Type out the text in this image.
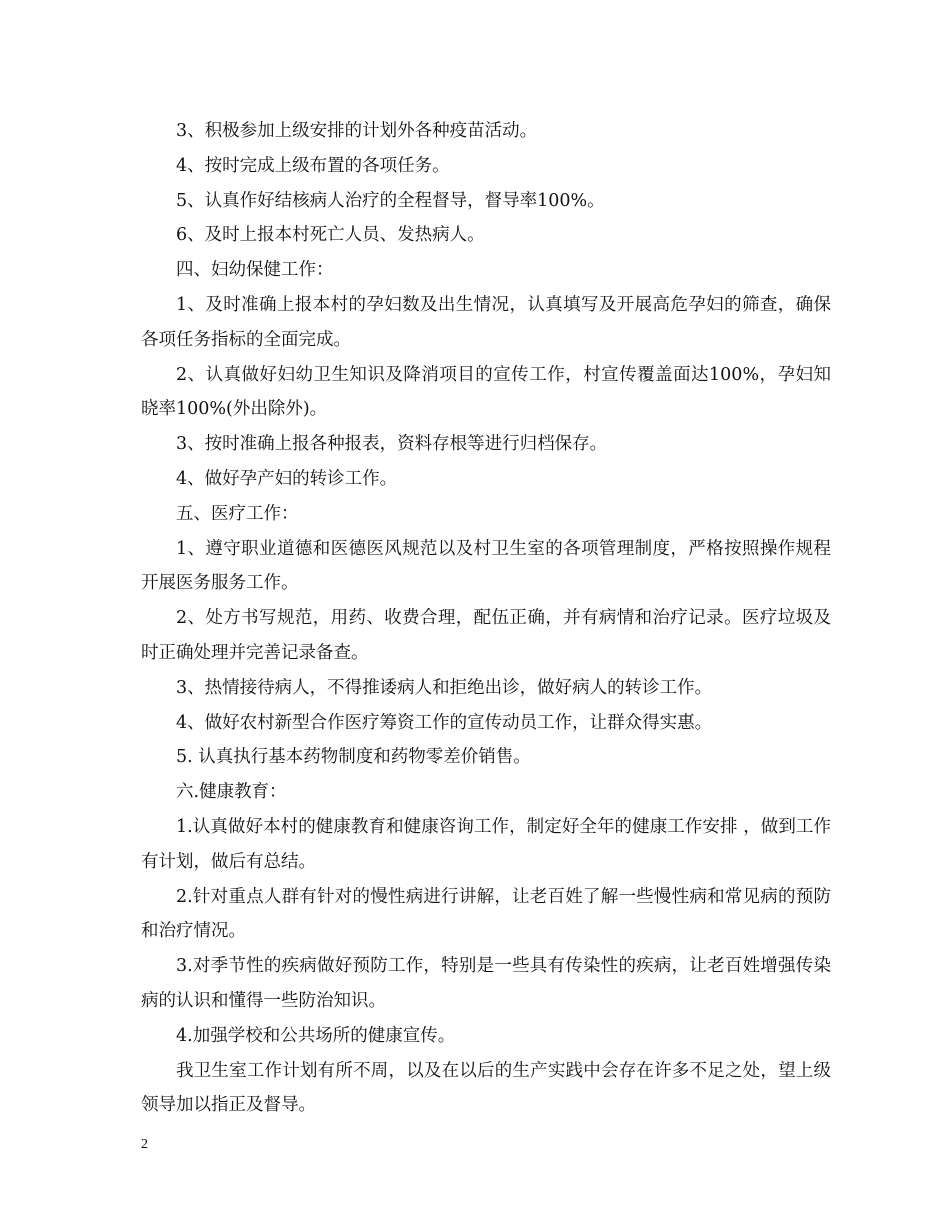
3、积极参加上级安排的计划外各种疫苗活动。

4、按时完成上级布置的各项任务。

5、认真作好结核病人治疗的全程督导，督导率100%。

6、及时上报本村死亡人员、发热病人。

四、妇幼保健工作：

1、及时准确上报本村的孕妇数及出生情况，认真填写及开展高危孕妇的筛查，确保各项任务指标的全面完成。

2、认真做好妇幼卫生知识及降消项目的宣传工作，村宣传覆盖面达100%，孕妇知晓率100%(外出除外)。

3、按时准确上报各种报表，资料存根等进行归档保存。

4、做好孕产妇的转诊工作。

五、医疗工作：

1、遵守职业道德和医德医风规范以及村卫生室的各项管理制度，严格按照操作规程开展医务服务工作。

2、处方书写规范，用药、收费合理，配伍正确，并有病情和治疗记录。医疗垃圾及时正确处理并完善记录备查。

3、热情接待病人，不得推诿病人和拒绝出诊，做好病人的转诊工作。

4、做好农村新型合作医疗筹资工作的宣传动员工作，让群众得实惠。

5. 认真执行基本药物制度和药物零差价销售。

六.健康教育：

1.认真做好本村的健康教育和健康咨询工作，制定好全年的健康工作安排 ，做到工作有计划，做后有总结。

2.针对重点人群有针对的慢性病进行讲解，让老百姓了解一些慢性病和常见病的预防和治疗情况。

3.对季节性的疾病做好预防工作，特别是一些具有传染性的疾病，让老百姓增强传染病的认识和懂得一些防治知识。

4.加强学校和公共场所的健康宣传。

我卫生室工作计划有所不周，以及在以后的生产实践中会存在许多不足之处，望上级领导加以指正及督导。

2
